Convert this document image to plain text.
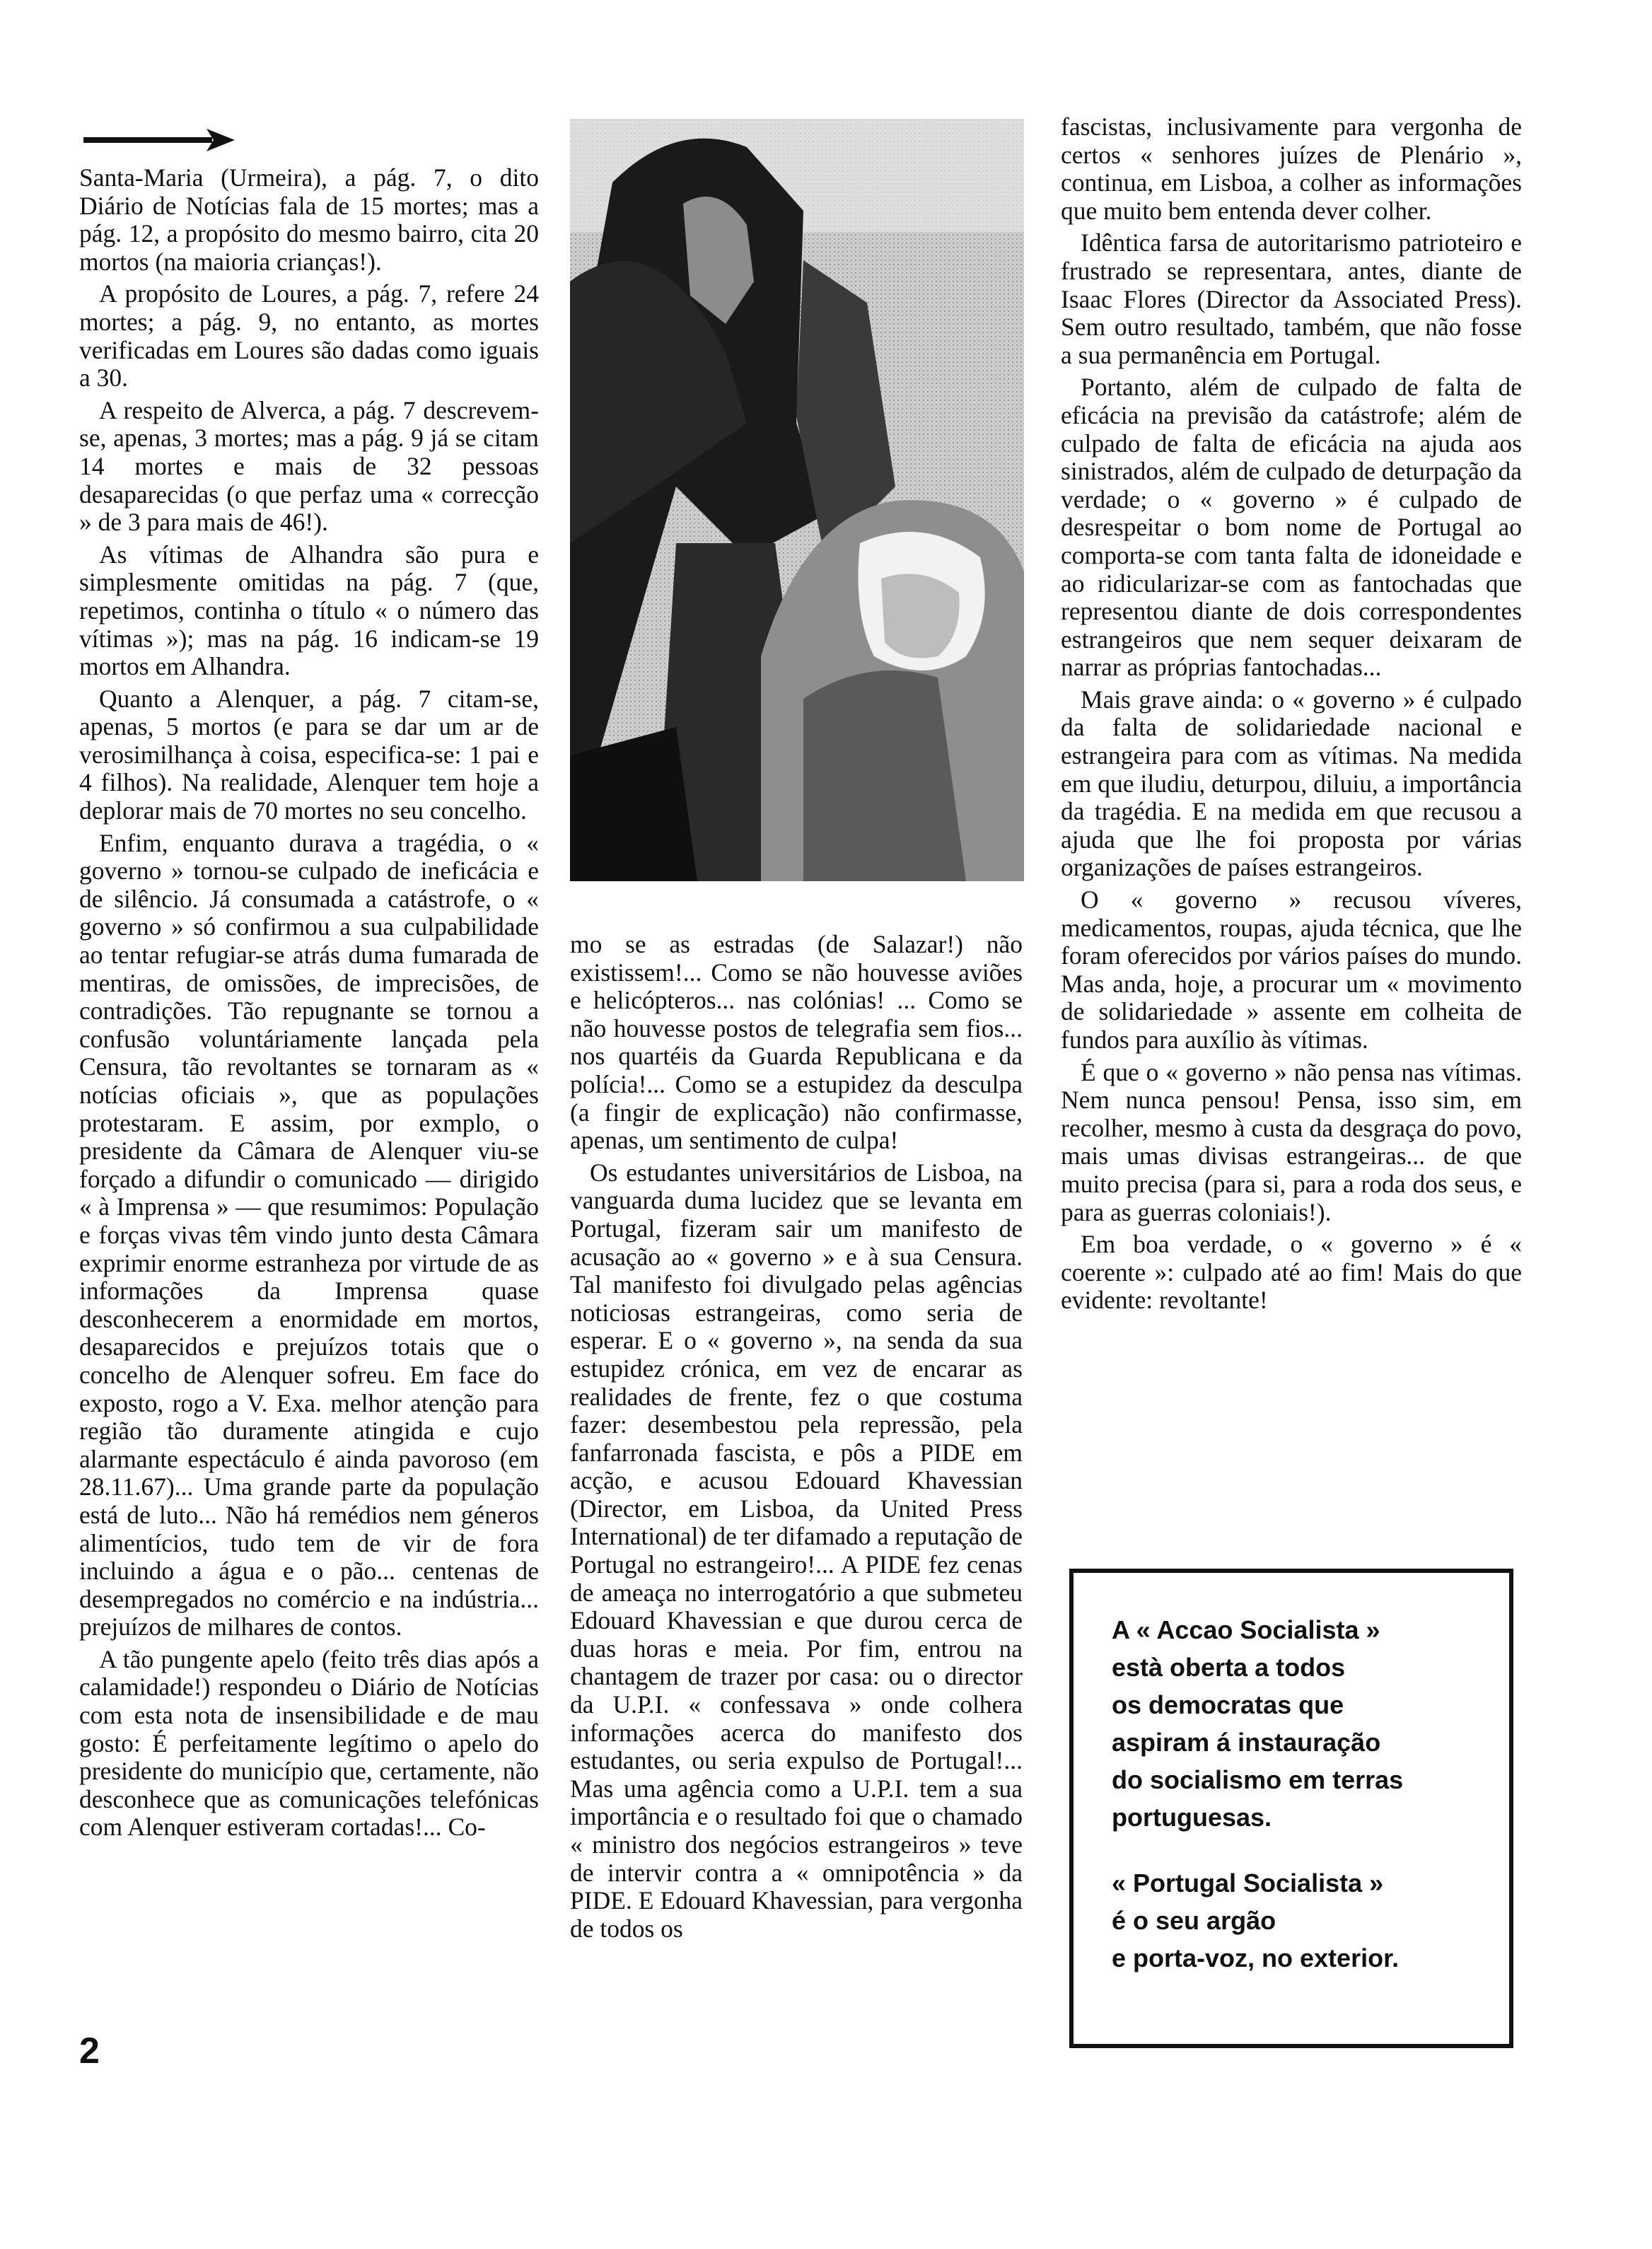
Santa-Maria (Urmeira), a pág. 7, o dito Diário de Notícias fala de 15 mortes; mas a pág. 12, a propósito do mesmo bairro, cita 20 mortos (na maioria crianças!).

A propósito de Loures, a pág. 7, refere 24 mortes; a pág. 9, no entanto, as mortes verificadas em Loures são dadas como iguais a 30.

A respeito de Alverca, a pág. 7 descrevem-se, apenas, 3 mortes; mas a pág. 9 já se citam 14 mortes e mais de 32 pessoas desaparecidas (o que perfaz uma « correcção » de 3 para mais de 46!).

As vítimas de Alhandra são pura e simplesmente omitidas na pág. 7 (que, repetimos, continha o título « o número das vítimas »); mas na pág. 16 indicam-se 19 mortos em Alhandra.

Quanto a Alenquer, a pág. 7 citam-se, apenas, 5 mortos (e para se dar um ar de verosimilhança à coisa, especifica-se: 1 pai e 4 filhos). Na realidade, Alenquer tem hoje a deplorar mais de 70 mortes no seu concelho.

Enfim, enquanto durava a tragédia, o « governo » tornou-se culpado de ineficácia e de silêncio. Já consumada a catástrofe, o « governo » só confirmou a sua culpabilidade ao tentar refugiar-se atrás duma fumarada de mentiras, de omissões, de imprecisões, de contradições. Tão repugnante se tornou a confusão voluntáriamente lançada pela Censura, tão revoltantes se tornaram as « notícias oficiais », que as populações protestaram. E assim, por exmplo, o presidente da Câmara de Alenquer viu-se forçado a difundir o comunicado — dirigido « à Imprensa » — que resumimos: População e forças vivas têm vindo junto desta Câmara exprimir enorme estranheza por virtude de as informações da Imprensa quase desconhecerem a enormidade em mortos, desaparecidos e prejuízos totais que o concelho de Alenquer sofreu. Em face do exposto, rogo a V. Exa. melhor atenção para região tão duramente atingida e cujo alarmante espectáculo é ainda pavoroso (em 28.11.67)... Uma grande parte da população está de luto... Não há remédios nem géneros alimentícios, tudo tem de vir de fora incluindo a água e o pão... centenas de desempregados no comércio e na indústria... prejuízos de milhares de contos.

A tão pungente apelo (feito três dias após a calamidade!) respondeu o Diário de Notícias com esta nota de insensibilidade e de mau gosto: É perfeitamente legítimo o apelo do presidente do município que, certamente, não desconhece que as comunicações telefónicas com Alenquer estiveram cortadas!... Co-

mo se as estradas (de Salazar!) não existissem!... Como se não houvesse aviões e helicópteros... nas colónias! ... Como se não houvesse postos de telegrafia sem fios... nos quartéis da Guarda Republicana e da polícia!... Como se a estupidez da desculpa (a fingir de explicação) não confirmasse, apenas, um sentimento de culpa!

Os estudantes universitários de Lisboa, na vanguarda duma lucidez que se levanta em Portugal, fizeram sair um manifesto de acusação ao « governo » e à sua Censura. Tal manifesto foi divulgado pelas agências noticiosas estrangeiras, como seria de esperar. E o « governo », na senda da sua estupidez crónica, em vez de encarar as realidades de frente, fez o que costuma fazer: desembestou pela repressão, pela fanfarronada fascista, e pôs a PIDE em acção, e acusou Edouard Khavessian (Director, em Lisboa, da United Press International) de ter difamado a reputação de Portugal no estrangeiro!... A PIDE fez cenas de ameaça no interrogatório a que submeteu Edouard Khavessian e que durou cerca de duas horas e meia. Por fim, entrou na chantagem de trazer por casa: ou o director da U.P.I. « confessava » onde colhera informações acerca do manifesto dos estudantes, ou seria expulso de Portugal!... Mas uma agência como a U.P.I. tem a sua importância e o resultado foi que o chamado « ministro dos negócios estrangeiros » teve de intervir contra a « omnipotência » da PIDE. E Edouard Khavessian, para vergonha de todos os

fascistas, inclusivamente para vergonha de certos « senhores juízes de Plenário », continua, em Lisboa, a colher as informações que muito bem entenda dever colher.

Idêntica farsa de autoritarismo patrioteiro e frustrado se representara, antes, diante de Isaac Flores (Director da Associated Press). Sem outro resultado, também, que não fosse a sua permanência em Portugal.

Portanto, além de culpado de falta de eficácia na previsão da catástrofe; além de culpado de falta de eficácia na ajuda aos sinistrados, além de culpado de deturpação da verdade; o « governo » é culpado de desrespeitar o bom nome de Portugal ao comporta-se com tanta falta de idoneidade e ao ridicularizar-se com as fantochadas que representou diante de dois correspondentes estrangeiros que nem sequer deixaram de narrar as próprias fantochadas...

Mais grave ainda: o « governo » é culpado da falta de solidariedade nacional e estrangeira para com as vítimas. Na medida em que iludiu, deturpou, diluiu, a importância da tragédia. E na medida em que recusou a ajuda que lhe foi proposta por várias organizações de países estrangeiros.

O « governo » recusou víveres, medicamentos, roupas, ajuda técnica, que lhe foram oferecidos por vários países do mundo. Mas anda, hoje, a procurar um « movimento de solidariedade » assente em colheita de fundos para auxílio às vítimas.

É que o « governo » não pensa nas vítimas. Nem nunca pensou! Pensa, isso sim, em recolher, mesmo à custa da desgraça do povo, mais umas divisas estrangeiras... de que muito precisa (para si, para a roda dos seus, e para as guerras coloniais!).

Em boa verdade, o « governo » é « coerente »: culpado até ao fim! Mais do que evidente: revoltante!

A « Accao Socialista »
està oberta a todos
os democratas que
aspiram á instauração
do socialismo em terras
portuguesas.

« Portugal Socialista »
é o seu argão
e porta-voz, no exterior.

2
